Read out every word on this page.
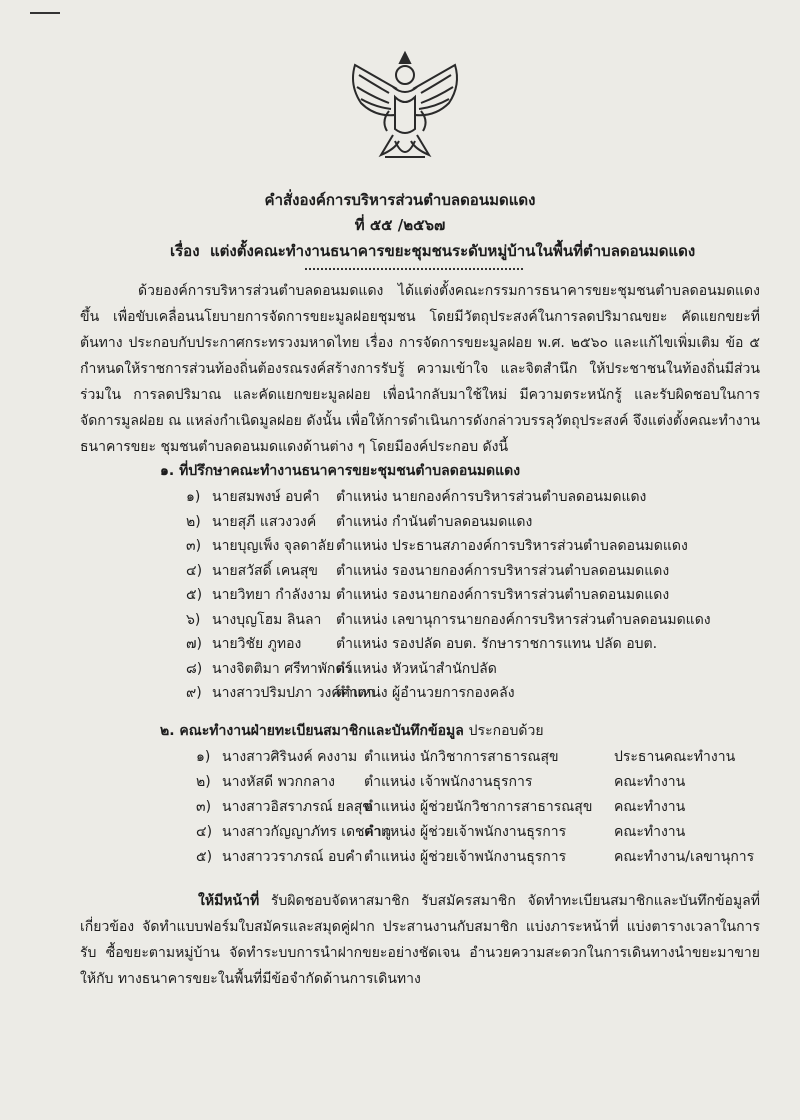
คำสั่งองค์การบริหารส่วนตำบลดอนมดแดง
ที่ ๕๕ /๒๕๖๗
เรื่อง แต่งตั้งคณะทำงานธนาคารขยะชุมชนระดับหมู่บ้านในพื้นที่ตำบลดอนมดแดง
ด้วยองค์การบริหารส่วนตำบลดอนมดแดง ได้แต่งตั้งคณะกรรมการธนาคารขยะชุมชนตำบลดอนมดแดงขึ้น เพื่อขับเคลื่อนนโยบายการจัดการขยะมูลฝอยชุมชน โดยมีวัตถุประสงค์ในการลดปริมาณขยะ คัดแยกขยะที่ต้นทาง ประกอบกับประกาศกระทรวงมหาดไทย เรื่อง การจัดการขยะมูลฝอย พ.ศ. ๒๕๖๐ และแก้ไขเพิ่มเติม ข้อ ๕ กำหนดให้ราชการส่วนท้องถิ่นต้องรณรงค์สร้างการรับรู้ ความเข้าใจ และจิตสำนึก ให้ประชาชนในท้องถิ่นมีส่วนร่วมใน การลดปริมาณ และคัดแยกขยะมูลฝอย เพื่อนำกลับมาใช้ใหม่ มีความตระหนักรู้ และรับผิดชอบในการจัดการมูลฝอย ณ แหล่งกำเนิดมูลฝอย ดังนั้น เพื่อให้การดำเนินการดังกล่าวบรรลุวัตถุประสงค์ จึงแต่งตั้งคณะทำงานธนาคารขยะ ชุมชนตำบลดอนมดแดงด้านต่าง ๆ โดยมีองค์ประกอบ ดังนี้
๑. ที่ปรึกษาคณะทำงานธนาคารขยะชุมชนตำบลดอนมดแดง
๑) นายสมพงษ์ อบคำ ตำแหน่ง นายกองค์การบริหารส่วนตำบลดอนมดแดง
๒) นายสุภี แสวงวงค์ ตำแหน่ง กำนันตำบลดอนมดแดง
๓) นายบุญเพ็ง จุลดาลัย ตำแหน่ง ประธานสภาองค์การบริหารส่วนตำบลดอนมดแดง
๔) นายสวัสดิ์ เคนสุข ตำแหน่ง รองนายกองค์การบริหารส่วนตำบลดอนมดแดง
๕) นายวิทยา กำลังงาม ตำแหน่ง รองนายกองค์การบริหารส่วนตำบลดอนมดแดง
๖) นางบุญโฮม ลินลา ตำแหน่ง เลขานุการนายกองค์การบริหารส่วนตำบลดอนมดแดง
๗) นายวิชัย ภูทอง ตำแหน่ง รองปลัด อบต. รักษาราชการแทน ปลัด อบต.
๘) นางจิตติมา ศรีทาพักตร์
ตำแหน่ง หัวหน้าสำนักปลัด
๙) นางสาวปริมปภา วงค์คำตา
ตำแหน่ง ผู้อำนวยการกองคลัง
๒. คณะทำงานฝ่ายทะเบียนสมาชิกและบันทึกข้อมูล ประกอบด้วย
๑) นางสาวศิรินงค์ คงงาม ตำแหน่ง นักวิชาการสาธารณสุข	ประธานคณะทำงาน
๒) นางหัสดี พวกกลาง ตำแหน่ง เจ้าพนักงานธุรการ	คณะทำงาน
๓) นางสาวอิสราภรณ์ ยลสุข
ตำแหน่ง ผู้ช่วยนักวิชาการสาธารณสุข คณะทำงาน
๔) นางสาวกัญญาภัทร เดชคำภู
ตำแหน่ง ผู้ช่วยเจ้าพนักงานธุรการ	คณะทำงาน
๕) นางสาววราภรณ์ อบคำ ตำแหน่ง ผู้ช่วยเจ้าพนักงานธุรการ	คณะทำงาน/เลขานุการ
ให้มีหน้าที่ รับผิดชอบจัดหาสมาชิก รับสมัครสมาชิก จัดทำทะเบียนสมาชิกและบันทึกข้อมูลที่ เกี่ยวข้อง จัดทำแบบฟอร์มใบสมัครและสมุดคู่ฝาก ประสานงานกับสมาชิก แบ่งภาระหน้าที่ แบ่งตารางเวลาในการรับ ซื้อขยะตามหมู่บ้าน จัดทำระบบการนำฝากขยะอย่างชัดเจน อำนวยความสะดวกในการเดินทางนำขยะมาขายให้กับ ทางธนาคารขยะในพื้นที่มีข้อจำกัดด้านการเดินทาง
